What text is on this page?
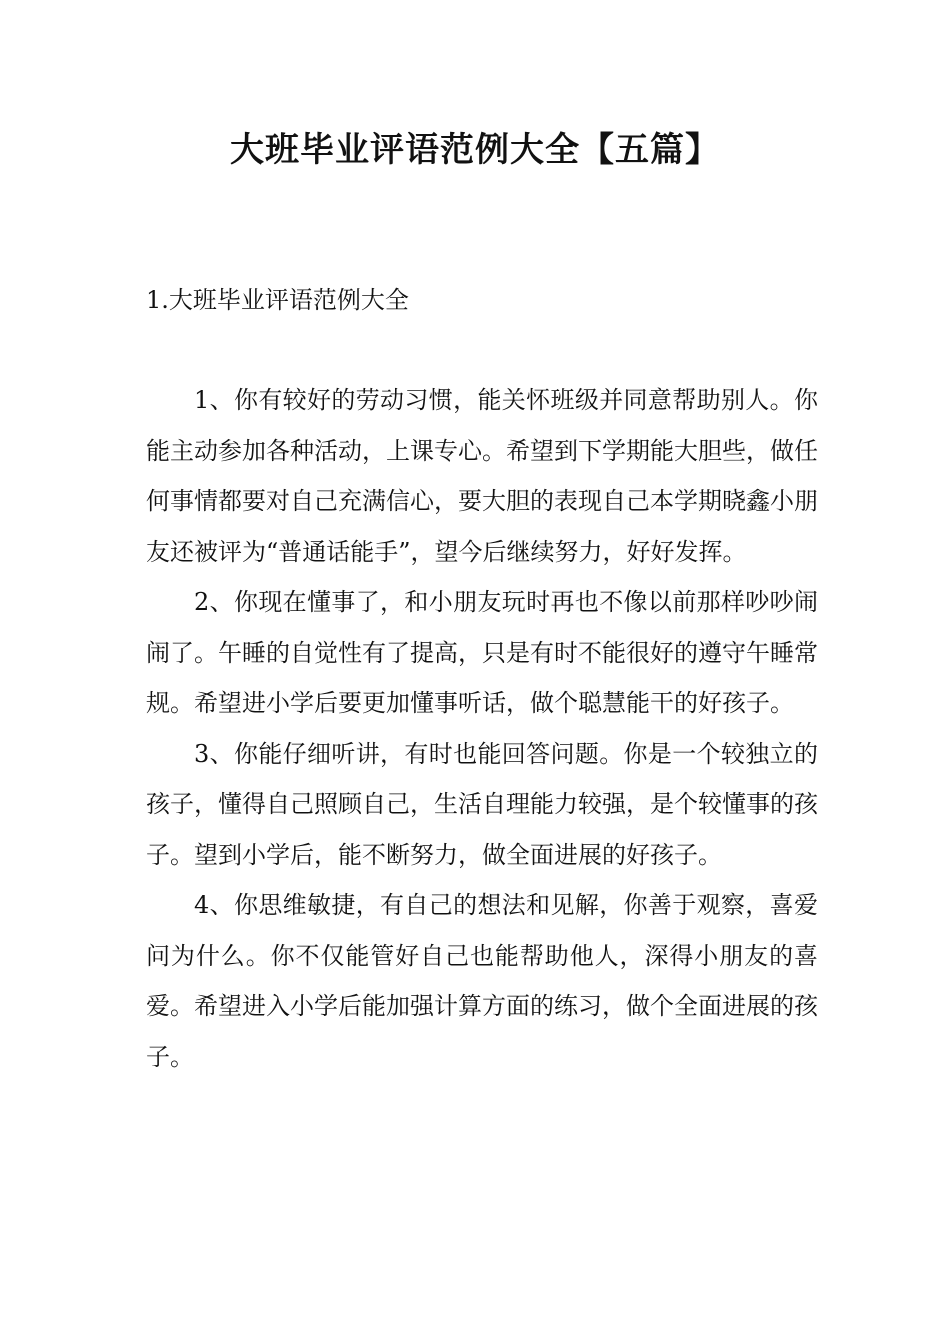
大班毕业评语范例大全【五篇】

1.大班毕业评语范例大全

1、你有较好的劳动习惯，能关怀班级并同意帮助别人。你能主动参加各种活动，上课专心。希望到下学期能大胆些，做任何事情都要对自己充满信心，要大胆的表现自己本学期晓鑫小朋友还被评为“普通话能手”，望今后继续努力，好好发挥。

2、你现在懂事了，和小朋友玩时再也不像以前那样吵吵闹闹了。午睡的自觉性有了提高，只是有时不能很好的遵守午睡常规。希望进小学后要更加懂事听话，做个聪慧能干的好孩子。

3、你能仔细听讲，有时也能回答问题。你是一个较独立的孩子，懂得自己照顾自己，生活自理能力较强，是个较懂事的孩子。望到小学后，能不断努力，做全面进展的好孩子。

4、你思维敏捷，有自己的想法和见解，你善于观察，喜爱问为什么。你不仅能管好自己也能帮助他人，深得小朋友的喜爱。希望进入小学后能加强计算方面的练习，做个全面进展的孩子。
